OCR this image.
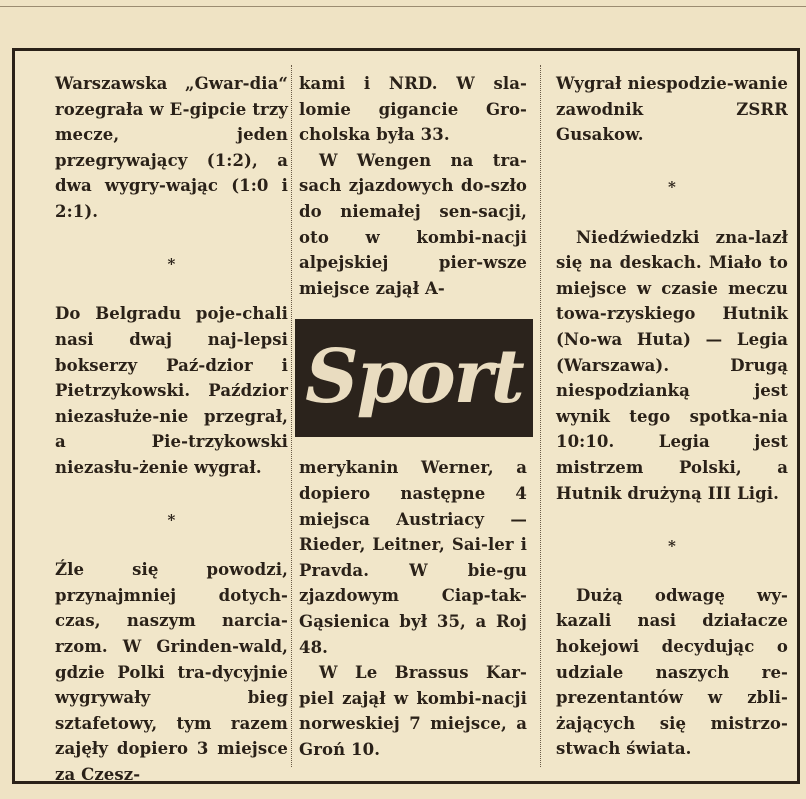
Warszawska „Gwar-dia“ rozegrała w E-gipcie trzy mecze, jeden przegrywający (1:2), a dwa wygry-wając (1:0 i 2:1).

*

Do Belgradu poje-chali nasi dwaj naj-lepsi bokserzy Paź-dzior i Pietrzykowski. Paździor niezasłuże-nie przegrał, a Pie-trzykowski niezasłu-żenie wygrał.

*

Źle się powodzi, przynajmniej dotych-czas, naszym narcia-rzom. W Grinden-wald, gdzie Polki tra-dycyjnie wygrywały bieg sztafetowy, tym razem zajęły dopiero 3 miejsce za Czesz-

kami i NRD. W sla-lomie gigancie Gro-cholska była 33.

W Wengen na tra-sach zjazdowych do-szło do niemałej sen-sacji, oto w kombi-nacji alpejskiej pier-wsze miejsce zajął A-

merykanin Werner, a dopiero następne 4 miejsca Austriacy — Rieder, Leitner, Sai-ler i Pravda. W bie-gu zjazdowym Ciap-tak-Gąsienica był 35, a Roj 48.

W Le Brassus Kar-piel zajął w kombi-nacji norweskiej 7 miejsce, a Groń 10.

Sport

Wygrał niespodzie-wanie zawodnik ZSRR Gusakow.

*

Niedźwiedzki zna-lazł się na deskach. Miało to miejsce w czasie meczu towa-rzyskiego Hutnik (No-wa Huta) — Legia (Warszawa). Drugą niespodzianką jest wynik tego spotka-nia 10:10. Legia jest mistrzem Polski, a Hutnik drużyną III Ligi.

*

Dużą odwagę wy-kazali nasi działacze hokejowi decydując o udziale naszych re-prezentantów w zbli-żających się mistrzo-stwach świata.
